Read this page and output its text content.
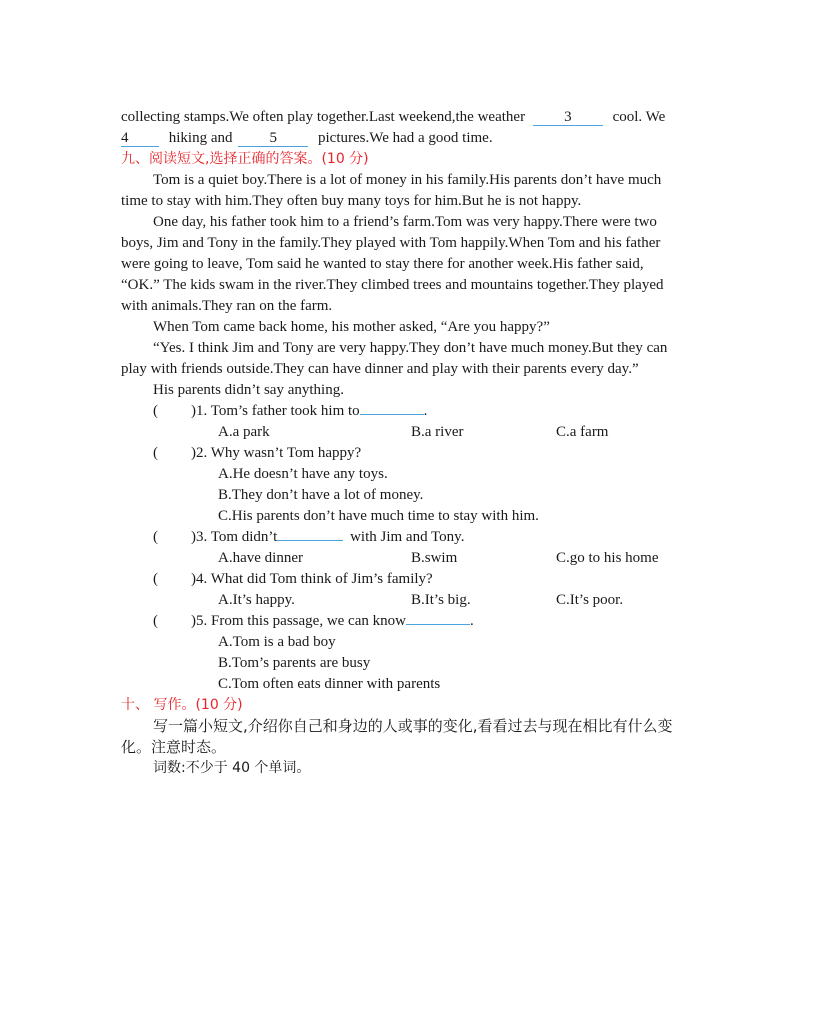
collecting stamps.We often play together.Last weekend,the weather	3	cool. We
4	hiking and 5	pictures.We had a good time.
九、阅读短文,选择正确的答案。(10 分)
Tom is a quiet boy.There is a lot of money in his family.His parents don’t have much
time to stay with him.They often buy many toys for him.But he is not happy.
One day, his father took him to a friend’s farm.Tom was very happy.There were two
boys, Jim and Tony in the family.They played with Tom happily.When Tom and his father
were going to leave, Tom said he wanted to stay there for another week.His father said,
“OK.” The kids swam in the river.They climbed trees and mountains together.They played
with animals.They ran on the farm.
When Tom came back home, his mother asked, “Are you happy?”
“Yes. I think Jim and Tony are very happy.They don’t have much money.But they can
play with friends outside.They can have dinner and play with their parents every day.”
His parents didn’t say anything.
( )1. Tom’s father took him to	.
A.a park	B.a river	C.a farm
( )2. Why wasn’t Tom happy?
A.He doesn’t have any toys.
B.They don’t have a lot of money.
C.His parents don’t have much time to stay with him.
( )3. Tom didn’t	with Jim and Tony.
A.have dinner	B.swim	C.go to his home
( )4. What did Tom think of Jim’s family?
A.It’s happy.	B.It’s big.	C.It’s poor.
( )5. From this passage, we can know	.
A.Tom is a bad boy
B.Tom’s parents are busy
C.Tom often eats dinner with parents
十、 写作。(10 分)
写一篇小短文,介绍你自己和身边的人或事的变化,看看过去与现在相比有什么变
化。注意时态。
词数:不少于 40 个单词。
